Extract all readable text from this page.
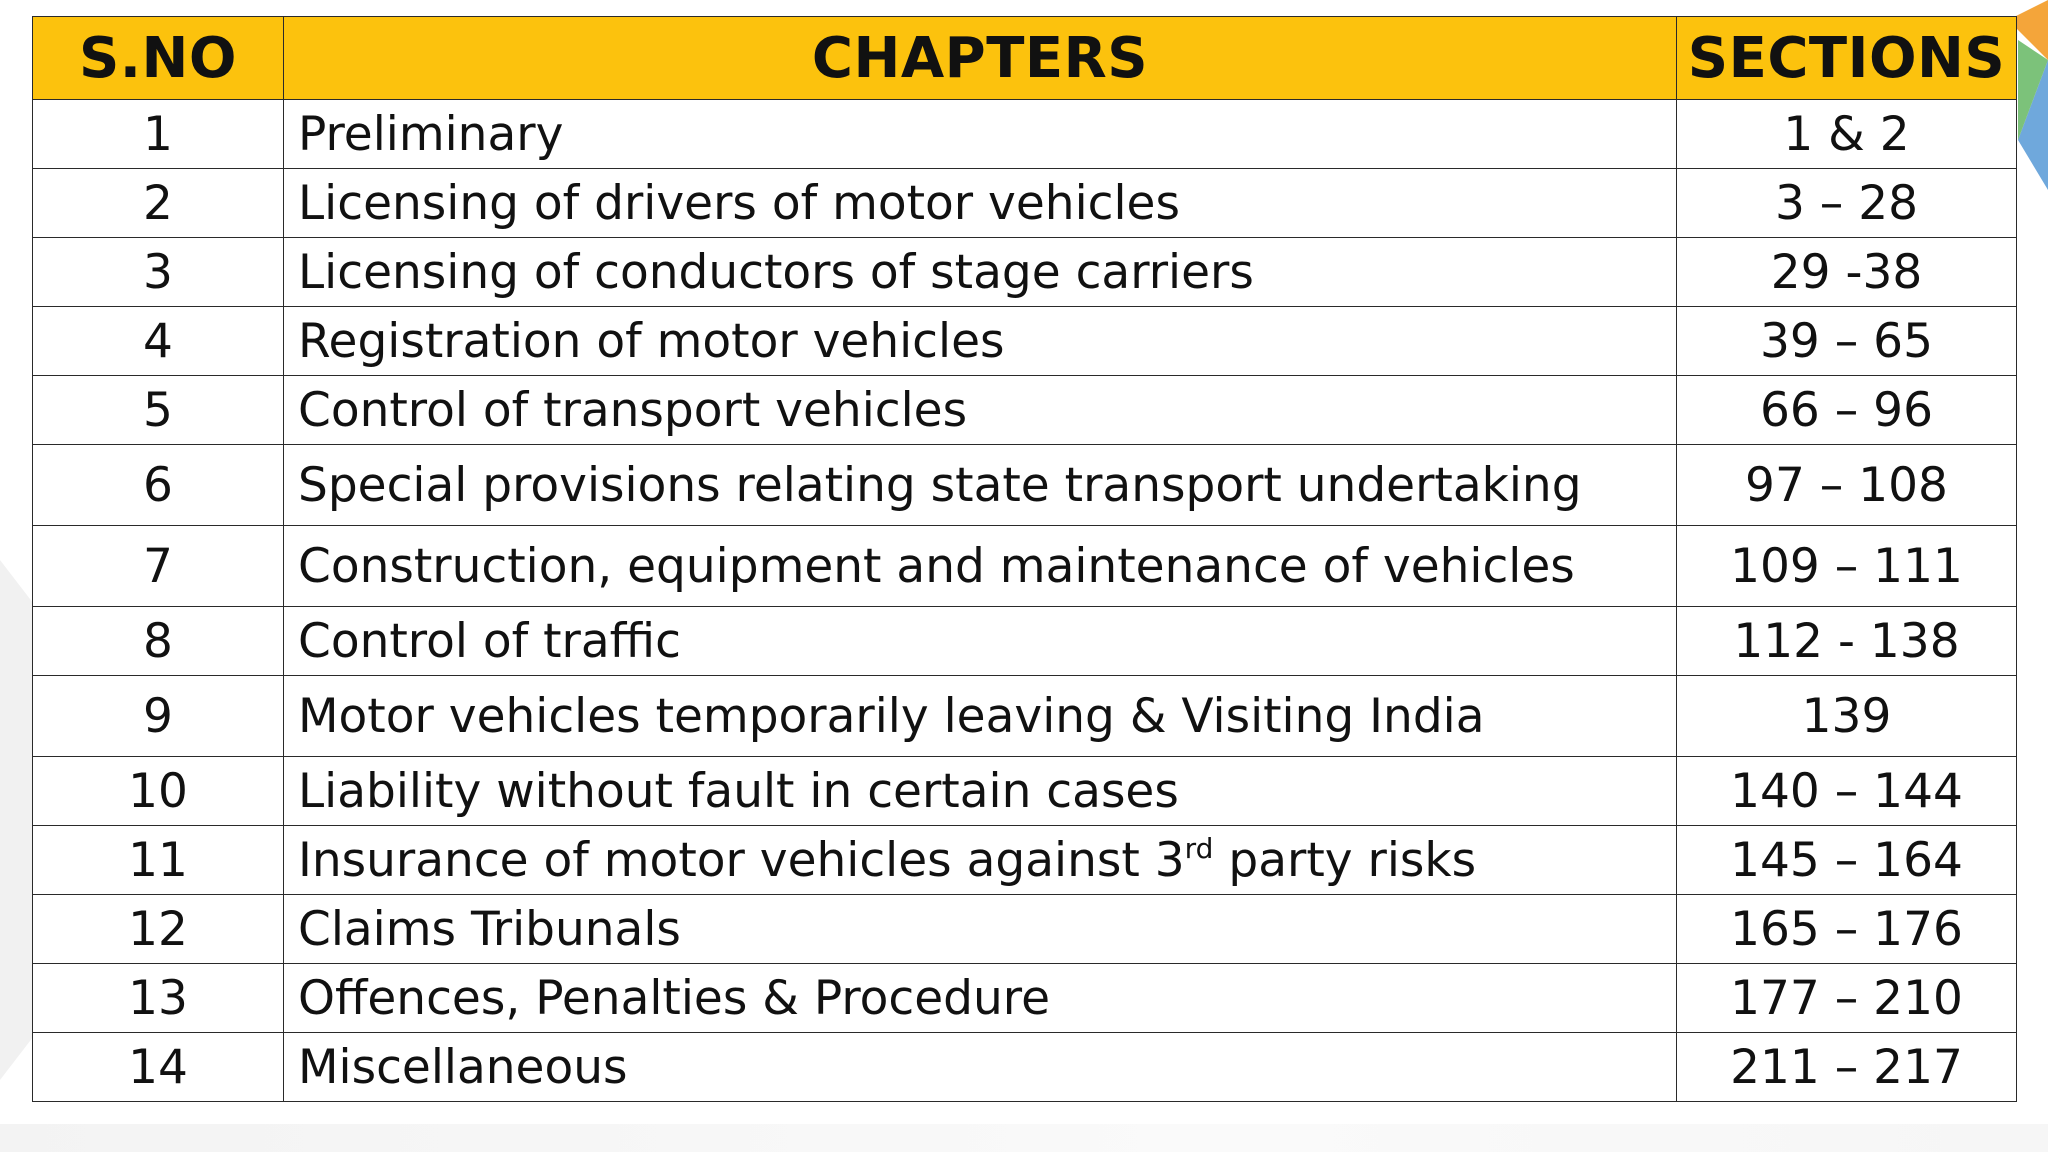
S.NO	CHAPTERS	SECTIONS
1	Preliminary	1 & 2
2	Licensing of drivers of motor vehicles	3 – 28
3	Licensing of conductors of stage carriers	29 -38
4	Registration of motor vehicles	39 – 65
5	Control of transport vehicles	66 – 96
6	Special provisions relating state transport undertaking	97 – 108
7	Construction, equipment and maintenance of vehicles	109 – 111
8	Control of traffic	112 - 138
9	Motor vehicles temporarily leaving & Visiting India	139
10	Liability without fault in certain cases	140 – 144
11	Insurance of motor vehicles against 3rd party risks	145 – 164
12	Claims Tribunals	165 – 176
13	Offences, Penalties & Procedure	177 – 210
14	Miscellaneous	211 – 217
